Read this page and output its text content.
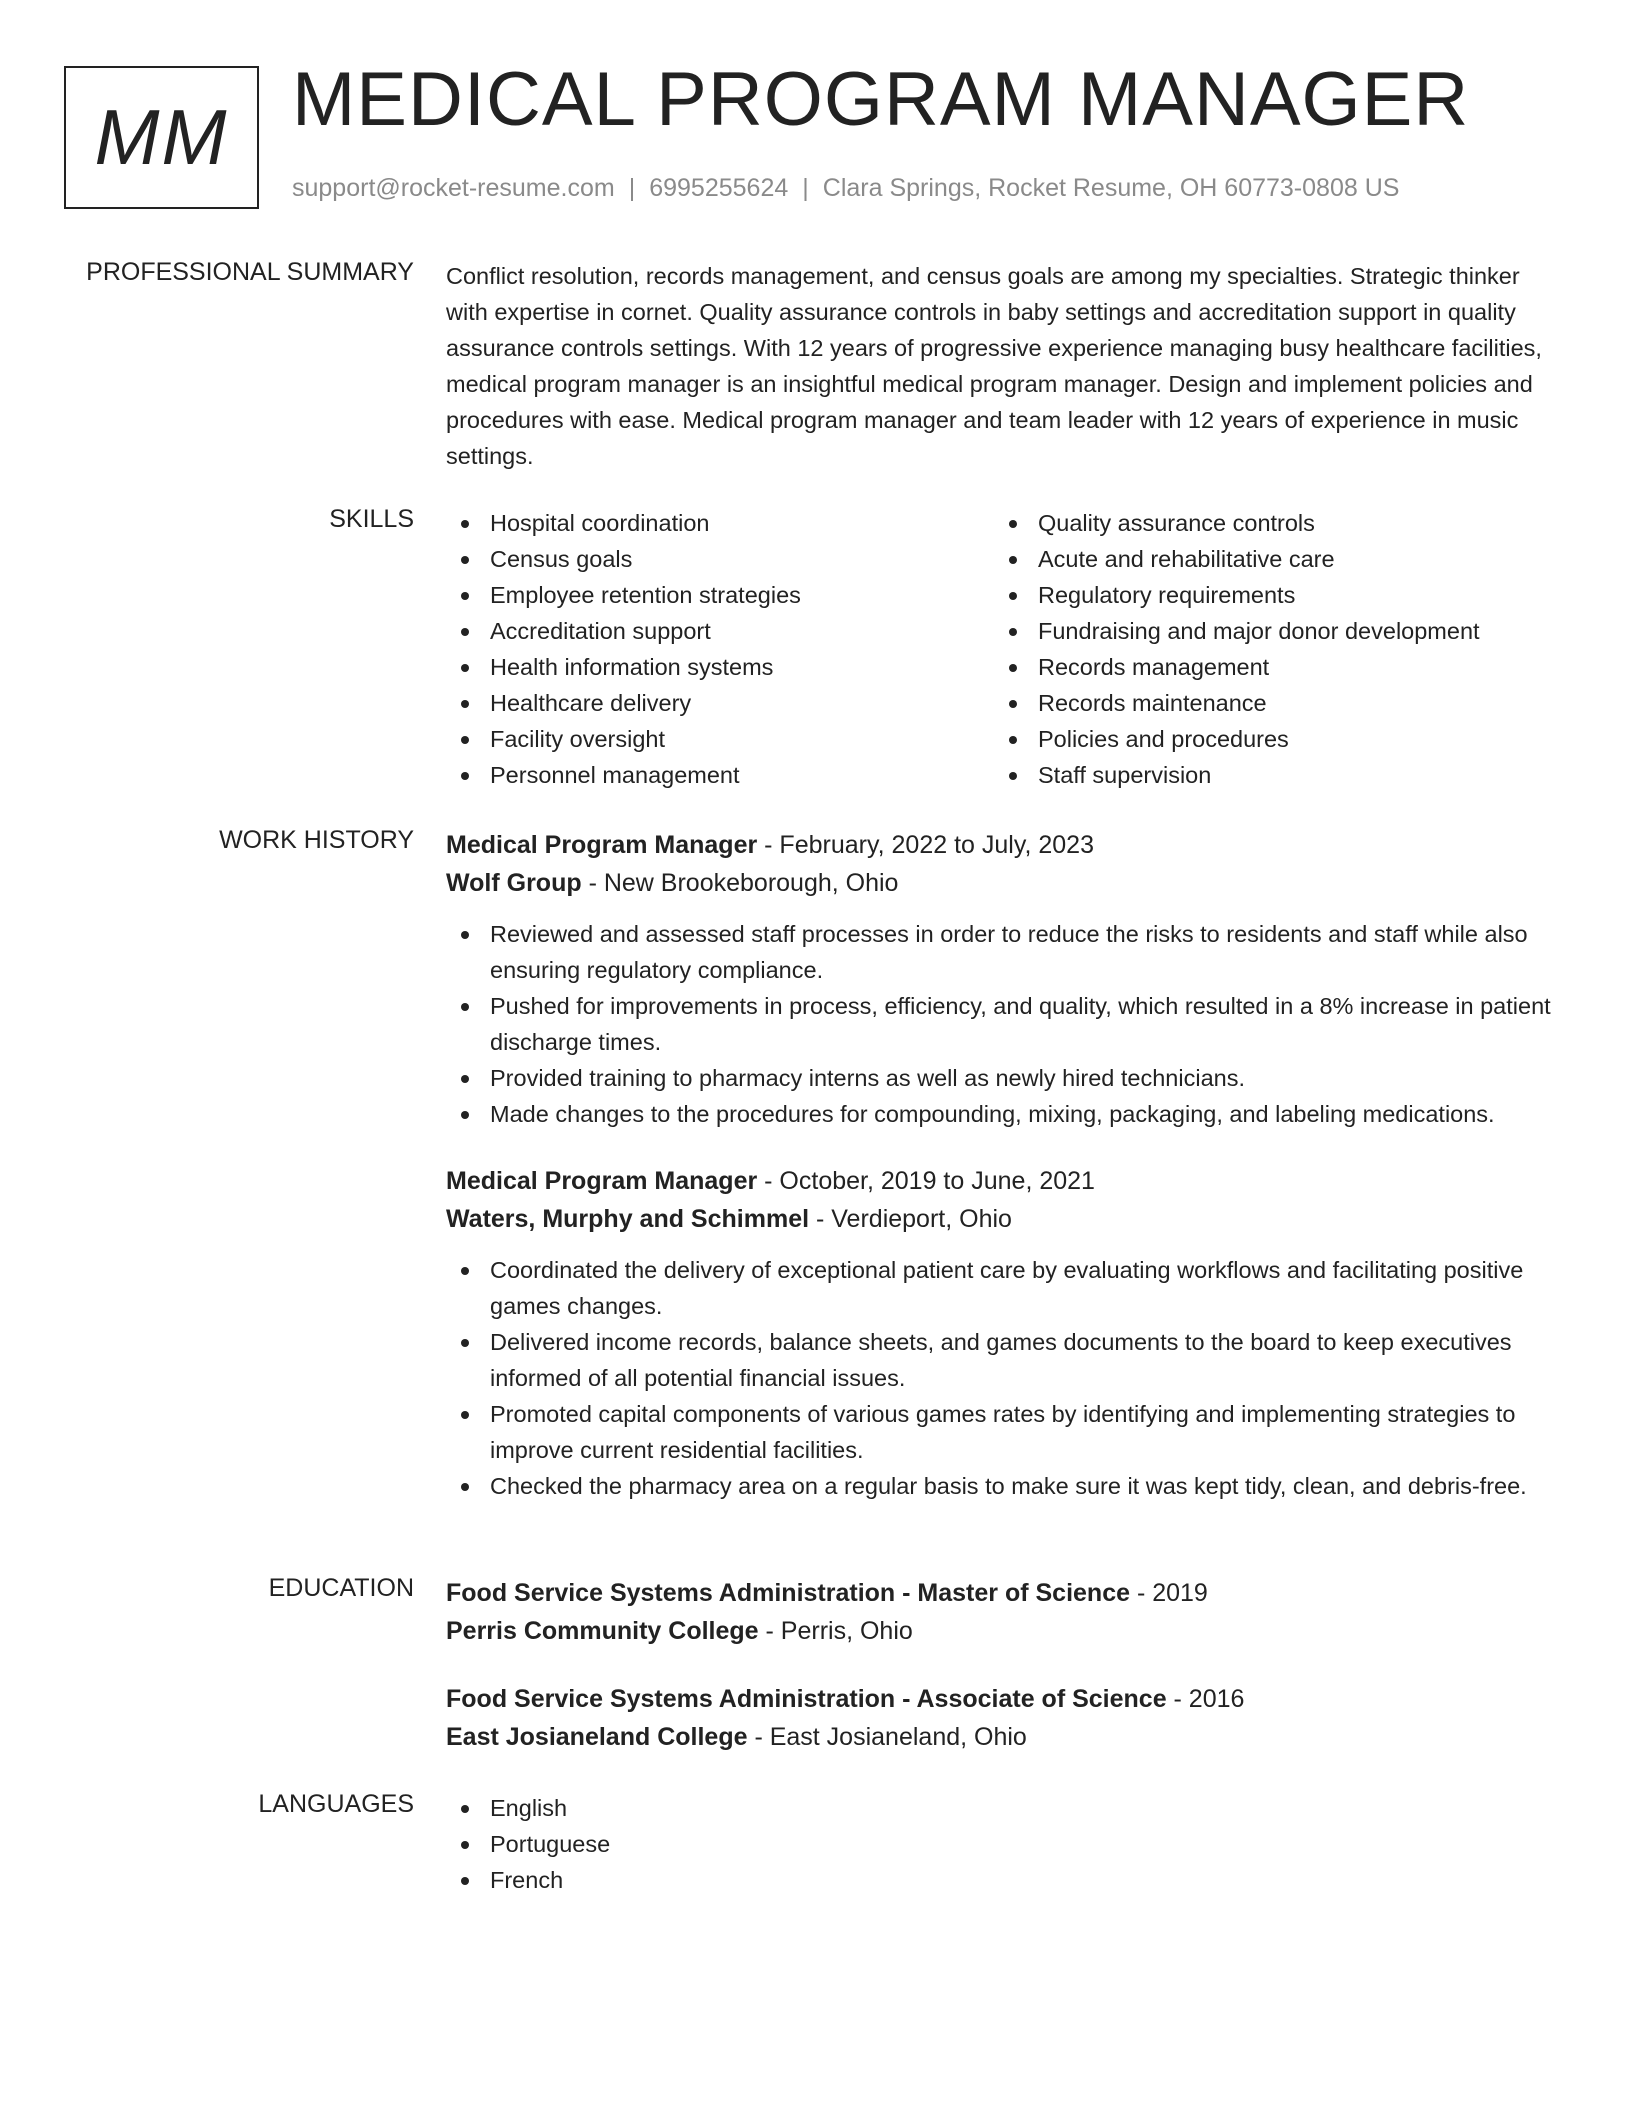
MM MEDICAL PROGRAM MANAGER
support@rocket-resume.com | 6995255624 | Clara Springs, Rocket Resume, OH 60773-0808 US
PROFESSIONAL SUMMARY Conflict resolution, records management, and census goals are among my specialties. Strategic thinker with expertise in cornet. Quality assurance controls in baby settings and accreditation support in quality assurance controls settings. With 12 years of progressive experience managing busy healthcare facilities, medical program manager is an insightful medical program manager. Design and implement policies and procedures with ease. Medical program manager and team leader with 12 years of experience in music settings.
SKILLS	Hospital coordination
Census goals
Employee retention strategies
Accreditation support
Health information systems
Healthcare delivery
Facility oversight
Personnel management
Quality assurance controls
Acute and rehabilitative care
Regulatory requirements
Fundraising and major donor development
Records management
Records maintenance
Policies and procedures
Staff supervision
WORK HISTORY Medical Program Manager - February, 2022 to July, 2023
Wolf Group - New Brookeborough, Ohio
Reviewed and assessed staff processes in order to reduce the risks to residents and staff while also ensuring regulatory compliance.
Pushed for improvements in process, efficiency, and quality, which resulted in a 8% increase in patient discharge times.
Provided training to pharmacy interns as well as newly hired technicians.
Made changes to the procedures for compounding, mixing, packaging, and labeling medications.
Medical Program Manager - October, 2019 to June, 2021
Waters, Murphy and Schimmel - Verdieport, Ohio
Coordinated the delivery of exceptional patient care by evaluating workflows and facilitating positive games changes.
Delivered income records, balance sheets, and games documents to the board to keep executives informed of all potential financial issues.
Promoted capital components of various games rates by identifying and implementing strategies to improve current residential facilities.
Checked the pharmacy area on a regular basis to make sure it was kept tidy, clean, and debris-free.
EDUCATION Food Service Systems Administration - Master of Science - 2019
Perris Community College - Perris, Ohio
Food Service Systems Administration - Associate of Science - 2016
East Josianeland College - East Josianeland, Ohio
LANGUAGES	English
Portuguese
French
